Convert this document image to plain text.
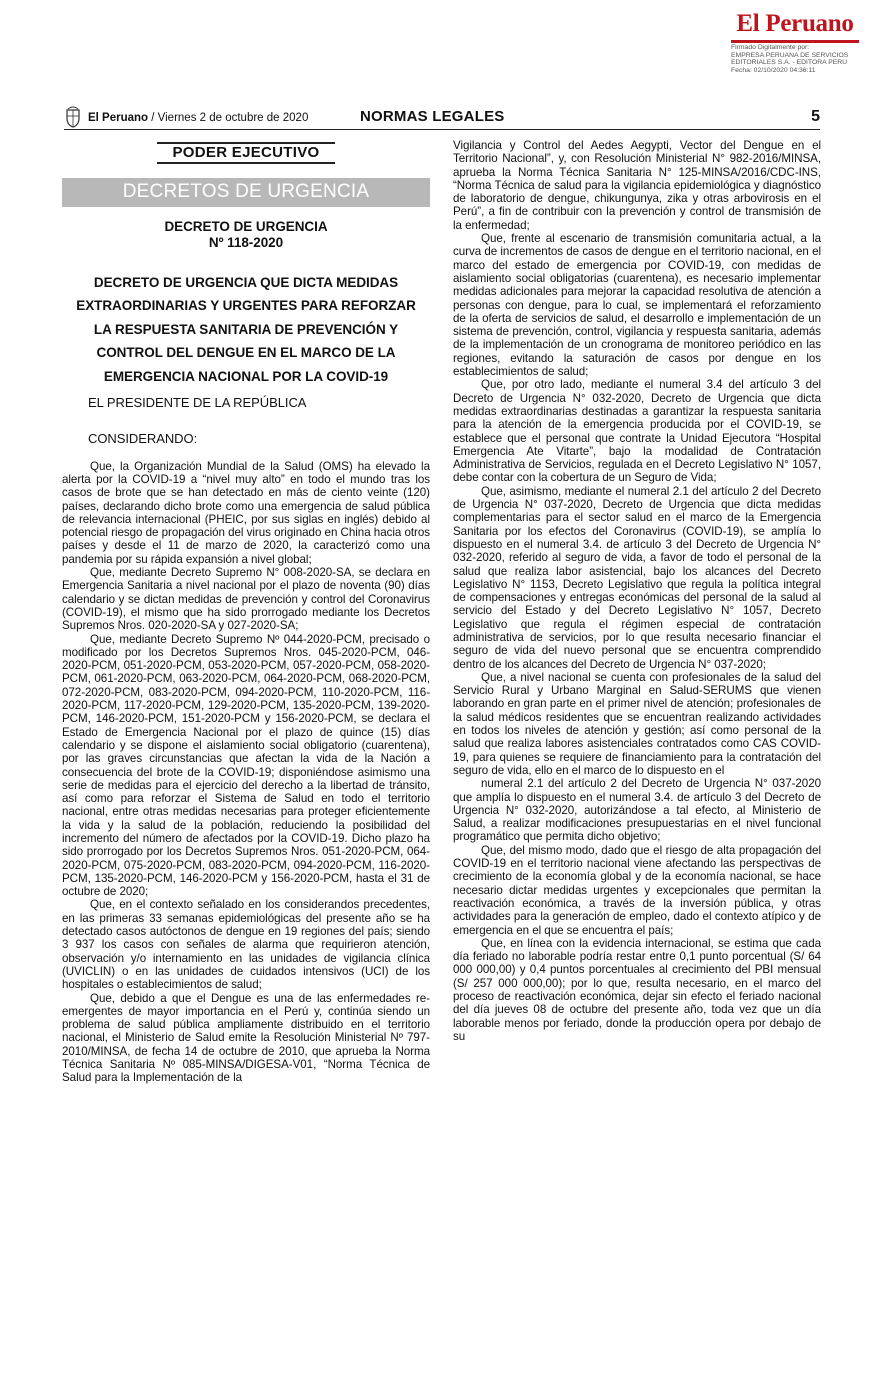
El Peruano
Firmado Digitalmente por:
EMPRESA PERUANA DE SERVICIOS
EDITORIALES S.A. - EDITORA PERU
Fecha: 02/10/2020 04:36:11
El Peruano / Viernes 2 de octubre de 2020	NORMAS LEGALES	5
PODER EJECUTIVO
DECRETOS DE URGENCIA
DECRETO DE URGENCIA
Nº 118-2020
DECRETO DE URGENCIA QUE DICTA MEDIDAS EXTRAORDINARIAS Y URGENTES PARA REFORZAR LA RESPUESTA SANITARIA DE PREVENCIÓN Y CONTROL DEL DENGUE EN EL MARCO DE LA EMERGENCIA NACIONAL POR LA COVID-19
EL PRESIDENTE DE LA REPÚBLICA
CONSIDERANDO:

Que, la Organización Mundial de la Salud (OMS) ha elevado la alerta por la COVID-19 a “nivel muy alto” en todo el mundo tras los casos de brote que se han detectado en más de ciento veinte (120) países, declarando dicho brote como una emergencia de salud pública de relevancia internacional (PHEIC, por sus siglas en inglés) debido al potencial riesgo de propagación del virus originado en China hacia otros países y desde el 11 de marzo de 2020, la caracterizó como una pandemia por su rápida expansión a nivel global;

Que, mediante Decreto Supremo N° 008-2020-SA, se declara en Emergencia Sanitaria a nivel nacional por el plazo de noventa (90) días calendario y se dictan medidas de prevención y control del Coronavirus (COVID-19), el mismo que ha sido prorrogado mediante los Decretos Supremos Nros. 020-2020-SA y 027-2020-SA;

Que, mediante Decreto Supremo Nº 044-2020-PCM, precisado o modificado por los Decretos Supremos Nros. 045-2020-PCM, 046-2020-PCM, 051-2020-PCM, 053-2020-PCM, 057-2020-PCM, 058-2020-PCM, 061-2020-PCM, 063-2020-PCM, 064-2020-PCM, 068-2020-PCM, 072-2020-PCM, 083-2020-PCM, 094-2020-PCM, 110-2020-PCM, 116-2020-PCM, 117-2020-PCM, 129-2020-PCM, 135-2020-PCM, 139-2020-PCM, 146-2020-PCM, 151-2020-PCM y 156-2020-PCM, se declara el Estado de Emergencia Nacional por el plazo de quince (15) días calendario y se dispone el aislamiento social obligatorio (cuarentena), por las graves circunstancias que afectan la vida de la Nación a consecuencia del brote de la COVID-19; disponiéndose asimismo una serie de medidas para el ejercicio del derecho a la libertad de tránsito, así como para reforzar el Sistema de Salud en todo el territorio nacional, entre otras medidas necesarias para proteger eficientemente la vida y la salud de la población, reduciendo la posibilidad del incremento del número de afectados por la COVID-19. Dicho plazo ha sido prorrogado por los Decretos Supremos Nros. 051-2020-PCM, 064-2020-PCM, 075-2020-PCM, 083-2020-PCM, 094-2020-PCM, 116-2020-PCM, 135-2020-PCM, 146-2020-PCM y 156-2020-PCM, hasta el 31 de octubre de 2020;

Que, en el contexto señalado en los considerandos precedentes, en las primeras 33 semanas epidemiológicas del presente año se ha detectado casos autóctonos de dengue en 19 regiones del país; siendo 3 937 los casos con señales de alarma que requirieron atención, observación y/o internamiento en las unidades de vigilancia clínica (UVICLIN) o en las unidades de cuidados intensivos (UCI) de los hospitales o establecimientos de salud;

Que, debido a que el Dengue es una de las enfermedades re-emergentes de mayor importancia en el Perú y, continúa siendo un problema de salud pública ampliamente distribuido en el territorio nacional, el Ministerio de Salud emite la Resolución Ministerial Nº 797-2010/MINSA, de fecha 14 de octubre de 2010, que aprueba la Norma Técnica Sanitaria Nº 085-MINSA/DIGESA-V01, “Norma Técnica de Salud para la Implementación de la

Vigilancia y Control del Aedes Aegypti, Vector del Dengue en el Territorio Nacional”, y, con Resolución Ministerial N° 982-2016/MINSA, aprueba la Norma Técnica Sanitaria N° 125-MINSA/2016/CDC-INS, “Norma Técnica de salud para la vigilancia epidemiológica y diagnóstico de laboratorio de dengue, chikungunya, zika y otras arbovirosis en el Perú”, a fin de contribuir con la prevención y control de transmisión de la enfermedad;

Que, frente al escenario de transmisión comunitaria actual, a la curva de incrementos de casos de dengue en el territorio nacional, en el marco del estado de emergencia por COVID-19, con medidas de aislamiento social obligatorias (cuarentena), es necesario implementar medidas adicionales para mejorar la capacidad resolutiva de atención a personas con dengue, para lo cual, se implementará el reforzamiento de la oferta de servicios de salud, el desarrollo e implementación de un sistema de prevención, control, vigilancia y respuesta sanitaria, además de la implementación de un cronograma de monitoreo periódico en las regiones, evitando la saturación de casos por dengue en los establecimientos de salud;

Que, por otro lado, mediante el numeral 3.4 del artículo 3 del Decreto de Urgencia N° 032-2020, Decreto de Urgencia que dicta medidas extraordinarias destinadas a garantizar la respuesta sanitaria para la atención de la emergencia producida por el COVID-19, se establece que el personal que contrate la Unidad Ejecutora “Hospital Emergencia Ate Vitarte”, bajo la modalidad de Contratación Administrativa de Servicios, regulada en el Decreto Legislativo N° 1057, debe contar con la cobertura de un Seguro de Vida;

Que, asimismo, mediante el numeral 2.1 del artículo 2 del Decreto de Urgencia N° 037-2020, Decreto de Urgencia que dicta medidas complementarias para el sector salud en el marco de la Emergencia Sanitaria por los efectos del Coronavirus (COVID-19), se amplía lo dispuesto en el numeral 3.4. de artículo 3 del Decreto de Urgencia N° 032-2020, referido al seguro de vida, a favor de todo el personal de la salud que realiza labor asistencial, bajo los alcances del Decreto Legislativo N° 1153, Decreto Legislativo que regula la política integral de compensaciones y entregas económicas del personal de la salud al servicio del Estado y del Decreto Legislativo N° 1057, Decreto Legislativo que regula el régimen especial de contratación administrativa de servicios, por lo que resulta necesario financiar el seguro de vida del nuevo personal que se encuentra comprendido dentro de los alcances del Decreto de Urgencia N° 037-2020;

Que, a nivel nacional se cuenta con profesionales de la salud del Servicio Rural y Urbano Marginal en Salud-SERUMS que vienen laborando en gran parte en el primer nivel de atención; profesionales de la salud médicos residentes que se encuentran realizando actividades en todos los niveles de atención y gestión; así como personal de la salud que realiza labores asistenciales contratados como CAS COVID-19, para quienes se requiere de financiamiento para la contratación del seguro de vida, ello en el marco de lo dispuesto en el

numeral 2.1 del artículo 2 del Decreto de Urgencia N° 037-2020 que amplía lo dispuesto en el numeral 3.4. de artículo 3 del Decreto de Urgencia N° 032-2020, autorizándose a tal efecto, al Ministerio de Salud, a realizar modificaciones presupuestarias en el nivel funcional programático que permita dicho objetivo;

Que, del mismo modo, dado que el riesgo de alta propagación del COVID-19 en el territorio nacional viene afectando las perspectivas de crecimiento de la economía global y de la economía nacional, se hace necesario dictar medidas urgentes y excepcionales que permitan la reactivación económica, a través de la inversión pública, y otras actividades para la generación de empleo, dado el contexto atípico y de emergencia en el que se encuentra el país;

Que, en línea con la evidencia internacional, se estima que cada día feriado no laborable podría restar entre 0,1 punto porcentual (S/ 64 000 000,00) y 0,4 puntos porcentuales al crecimiento del PBI mensual (S/ 257 000 000,00); por lo que, resulta necesario, en el marco del proceso de reactivación económica, dejar sin efecto el feriado nacional del día jueves 08 de octubre del presente año, toda vez que un día laborable menos por feriado, donde la producción opera por debajo de su
